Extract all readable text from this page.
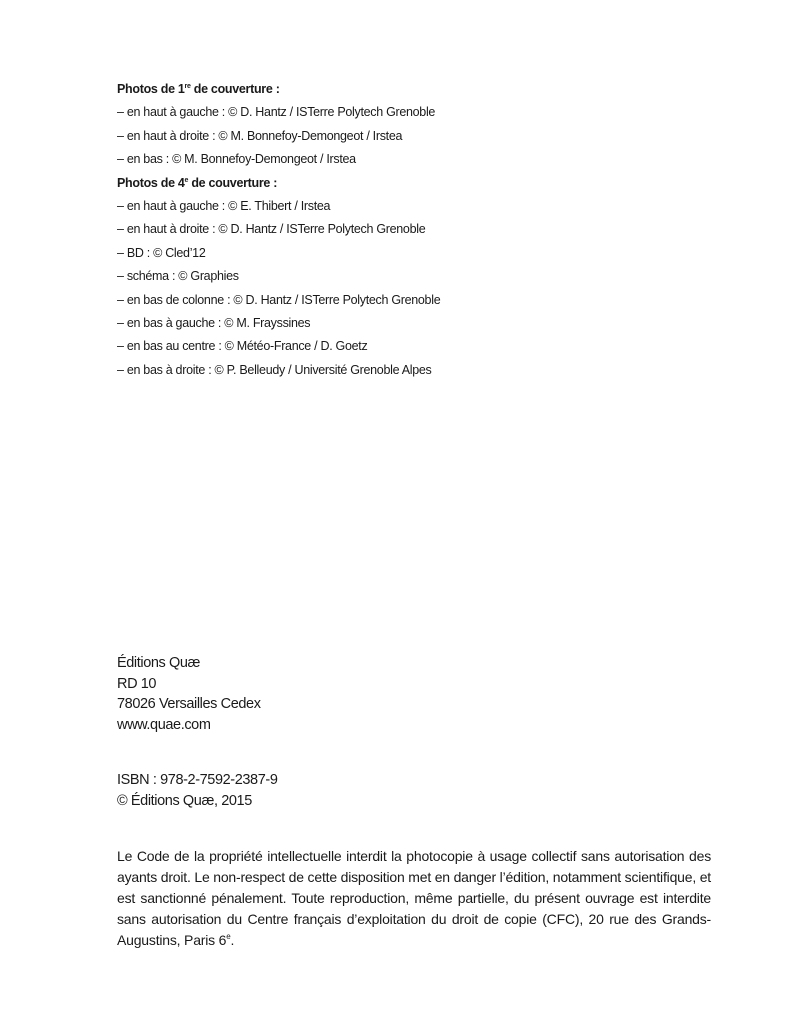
Photos de 1re de couverture :
– en haut à gauche : © D. Hantz / ISTerre Polytech Grenoble
– en haut à droite : © M. Bonnefoy-Demongeot / Irstea
– en bas : © M. Bonnefoy-Demongeot / Irstea
Photos de 4e de couverture :
– en haut à gauche : © E. Thibert / Irstea
– en haut à droite : © D. Hantz / ISTerre Polytech Grenoble
– BD : © Cled’12
– schéma : © Graphies
– en bas de colonne : © D. Hantz / ISTerre Polytech Grenoble
– en bas à gauche : © M. Frayssines
– en bas au centre : © Météo-France / D. Goetz
– en bas à droite : © P. Belleudy / Université Grenoble Alpes
Éditions Quæ
RD 10
78026 Versailles Cedex
www.quae.com
ISBN : 978-2-7592-2387-9
© Éditions Quæ, 2015
Le Code de la propriété intellectuelle interdit la photocopie à usage collectif sans autorisation des ayants droit. Le non-respect de cette disposition met en danger l’édition, notamment scientifique, et est sanctionné pénalement. Toute reproduction, même partielle, du présent ouvrage est interdite sans autorisation du Centre français d’exploitation du droit de copie (CFC), 20 rue des Grands-Augustins, Paris 6e.
